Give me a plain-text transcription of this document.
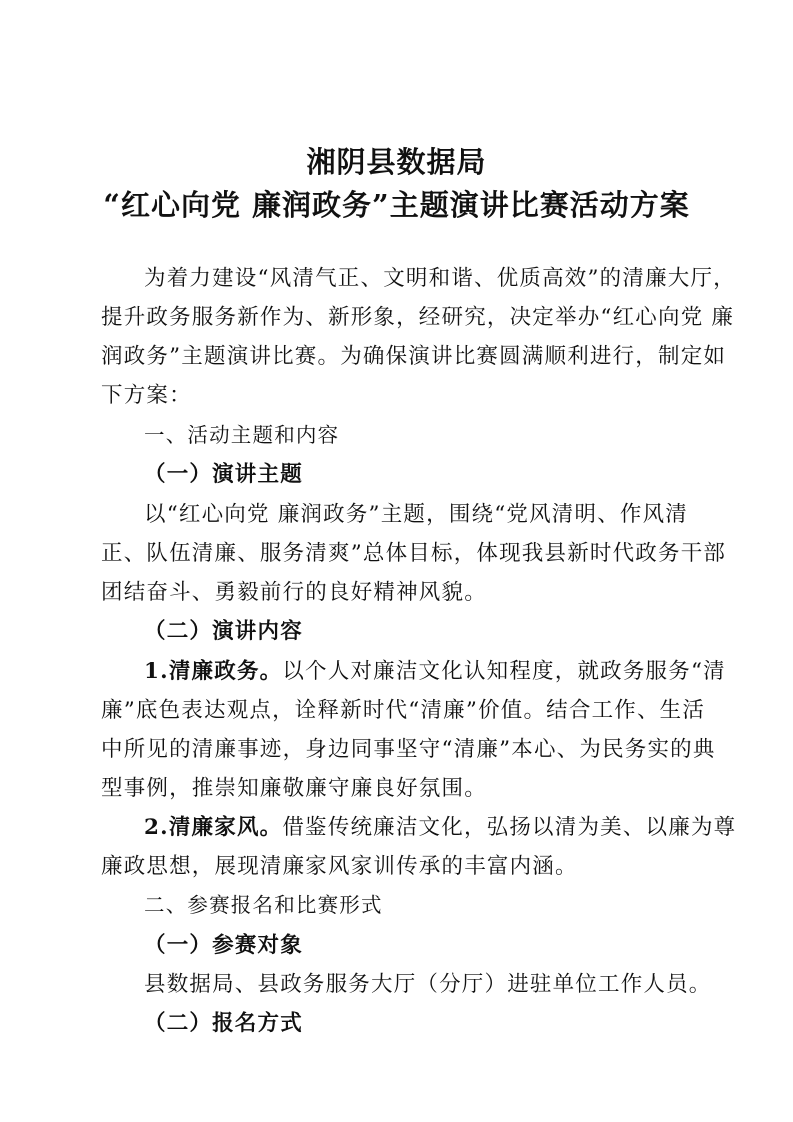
湘阴县数据局
“红心向党 廉润政务”主题演讲比赛活动方案

为着力建设“风清气正、文明和谐、优质高效”的清廉大厅，

提升政务服务新作为、新形象，经研究，决定举办“红心向党 廉

润政务”主题演讲比赛。为确保演讲比赛圆满顺利进行，制定如

下方案：

一、活动主题和内容

（一）演讲主题

以“红心向党 廉润政务”主题，围绕“党风清明、作风清

正、队伍清廉、服务清爽”总体目标，体现我县新时代政务干部

团结奋斗、勇毅前行的良好精神风貌。

（二）演讲内容

1.清廉政务。以个人对廉洁文化认知程度，就政务服务“清

廉”底色表达观点，诠释新时代“清廉”价值。结合工作、生活

中所见的清廉事迹，身边同事坚守“清廉”本心、为民务实的典

型事例，推崇知廉敬廉守廉良好氛围。

2.清廉家风。借鉴传统廉洁文化，弘扬以清为美、以廉为尊

廉政思想，展现清廉家风家训传承的丰富内涵。

二、参赛报名和比赛形式

（一）参赛对象

县数据局、县政务服务大厅（分厅）进驻单位工作人员。

（二）报名方式
